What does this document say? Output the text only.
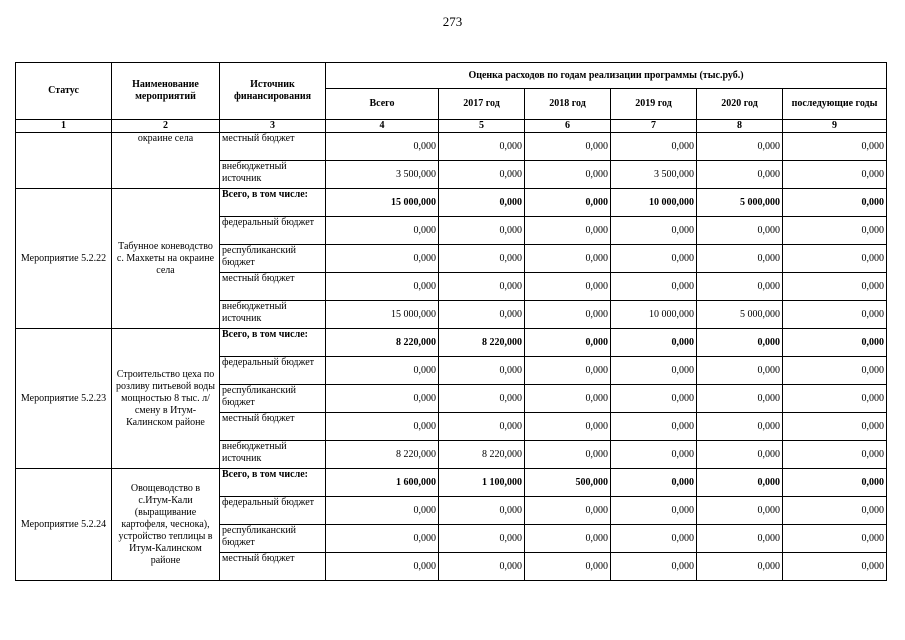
273
Статус	Наименование мероприятий	Источник финансирования	Оценка расходов по годам реализации программы (тыс.руб.)					
			Всего	2017 год	2018 год	2019 год	2020 год	последующие годы
1	2	3	4	5	6	7	8	9
	окраине села	местный бюджет	0,000	0,000	0,000	0,000	0,000	0,000
		внебюджетный источник	3 500,000	0,000	0,000	3 500,000	0,000	0,000
Мероприятие 5.2.22	Табунное коневодство с. Махкеты на окраине села	Всего, в том числе:	15 000,000	0,000	0,000	10 000,000	5 000,000	0,000
		федеральный бюджет	0,000	0,000	0,000	0,000	0,000	0,000
		республиканский бюджет	0,000	0,000	0,000	0,000	0,000	0,000
		местный бюджет	0,000	0,000	0,000	0,000	0,000	0,000
		внебюджетный источник	15 000,000	0,000	0,000	10 000,000	5 000,000	0,000
Мероприятие 5.2.23	Строительство цеха по розливу питьевой воды мощностью 8 тыс. л/смену в Итум-Калинском районе	Всего, в том числе:	8 220,000	8 220,000	0,000	0,000	0,000	0,000
		федеральный бюджет	0,000	0,000	0,000	0,000	0,000	0,000
		республиканский бюджет	0,000	0,000	0,000	0,000	0,000	0,000
		местный бюджет	0,000	0,000	0,000	0,000	0,000	0,000
		внебюджетный источник	8 220,000	8 220,000	0,000	0,000	0,000	0,000
Мероприятие 5.2.24	Овощеводство в с.Итум-Кали (выращивание картофеля, чеснока), устройство теплицы в Итум-Калинском районе	Всего, в том числе:	1 600,000	1 100,000	500,000	0,000	0,000	0,000
		федеральный бюджет	0,000	0,000	0,000	0,000	0,000	0,000
		республиканский бюджет	0,000	0,000	0,000	0,000	0,000	0,000
		местный бюджет	0,000	0,000	0,000	0,000	0,000	0,000
